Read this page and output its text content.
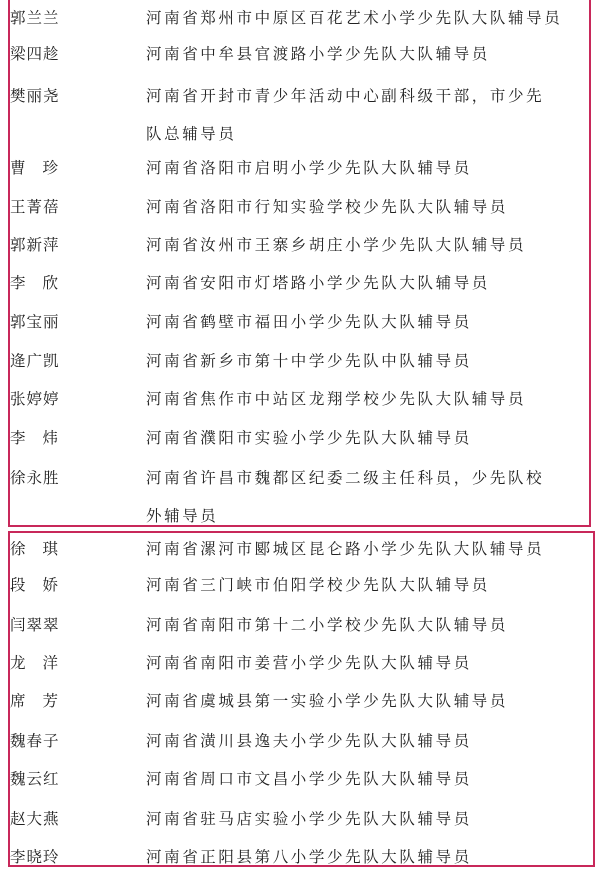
郭兰兰	河南省郑州市中原区百花艺术小学少先队大队辅导员
梁四趁	河南省中牟县官渡路小学少先队大队辅导员
樊丽尧	河南省开封市青少年活动中心副科级干部，市少先
队总辅导员
曹珍	河南省洛阳市启明小学少先队大队辅导员
王菁蓓	河南省洛阳市行知实验学校少先队大队辅导员
郭新萍	河南省汝州市王寨乡胡庄小学少先队大队辅导员
李欣	河南省安阳市灯塔路小学少先队大队辅导员
郭宝丽	河南省鹤壁市福田小学少先队大队辅导员
逄广凯	河南省新乡市第十中学少先队中队辅导员
张婷婷	河南省焦作市中站区龙翔学校少先队大队辅导员
李炜	河南省濮阳市实验小学少先队大队辅导员
徐永胜	河南省许昌市魏都区纪委二级主任科员，少先队校
外辅导员
徐琪	河南省漯河市郾城区昆仑路小学少先队大队辅导员
段娇	河南省三门峡市伯阳学校少先队大队辅导员
闫翠翠	河南省南阳市第十二小学校少先队大队辅导员
龙洋	河南省南阳市姜营小学少先队大队辅导员
席芳	河南省虞城县第一实验小学少先队大队辅导员
魏春子	河南省潢川县逸夫小学少先队大队辅导员
魏云红	河南省周口市文昌小学少先队大队辅导员
赵大燕	河南省驻马店实验小学少先队大队辅导员
李晓玲	河南省正阳县第八小学少先队大队辅导员
